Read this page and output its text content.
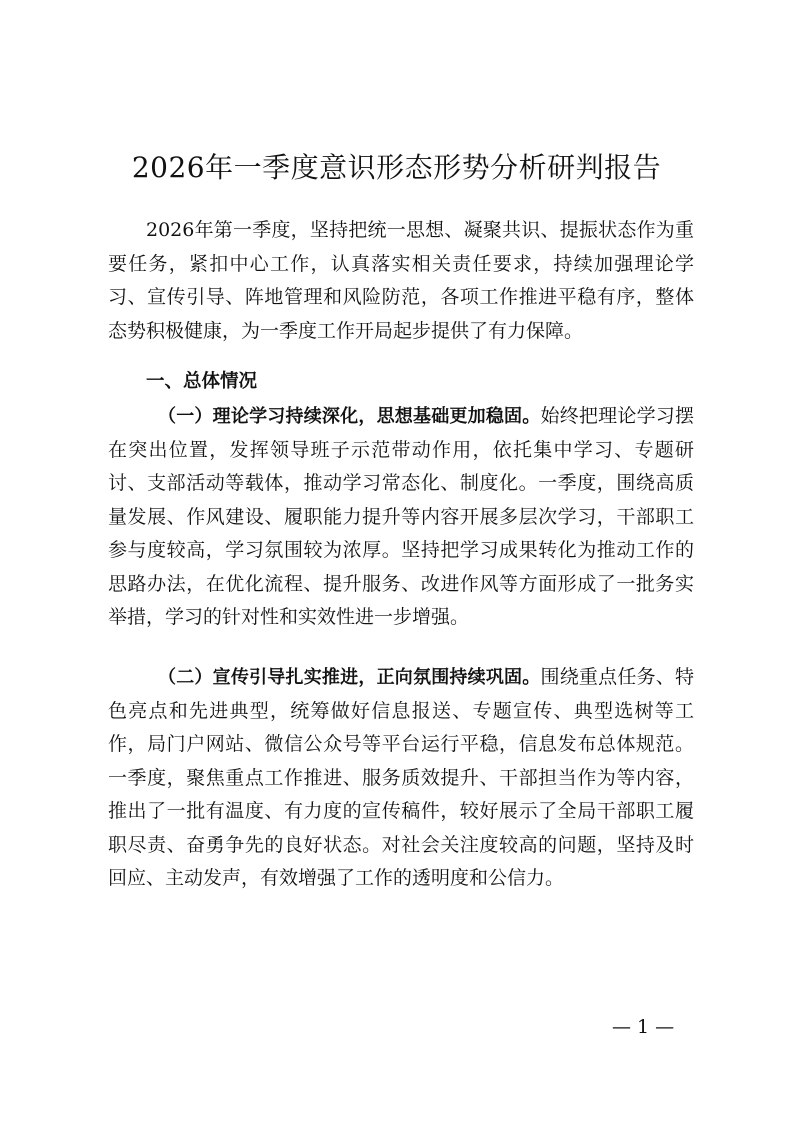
2026年一季度意识形态形势分析研判报告
2026年第一季度，坚持把统一思想、凝聚共识、提振状态作为重要任务，紧扣中心工作，认真落实相关责任要求，持续加强理论学习、宣传引导、阵地管理和风险防范，各项工作推进平稳有序，整体态势积极健康，为一季度工作开局起步提供了有力保障。
一、总体情况
（一）理论学习持续深化，思想基础更加稳固。始终把理论学习摆在突出位置，发挥领导班子示范带动作用，依托集中学习、专题研讨、支部活动等载体，推动学习常态化、制度化。一季度，围绕高质量发展、作风建设、履职能力提升等内容开展多层次学习，干部职工参与度较高，学习氛围较为浓厚。坚持把学习成果转化为推动工作的思路办法，在优化流程、提升服务、改进作风等方面形成了一批务实举措，学习的针对性和实效性进一步增强。
（二）宣传引导扎实推进，正向氛围持续巩固。围绕重点任务、特色亮点和先进典型，统筹做好信息报送、专题宣传、典型选树等工作，局门户网站、微信公众号等平台运行平稳，信息发布总体规范。一季度，聚焦重点工作推进、服务质效提升、干部担当作为等内容，推出了一批有温度、有力度的宣传稿件，较好展示了全局干部职工履职尽责、奋勇争先的良好状态。对社会关注度较高的问题，坚持及时回应、主动发声，有效增强了工作的透明度和公信力。
— 1 —
